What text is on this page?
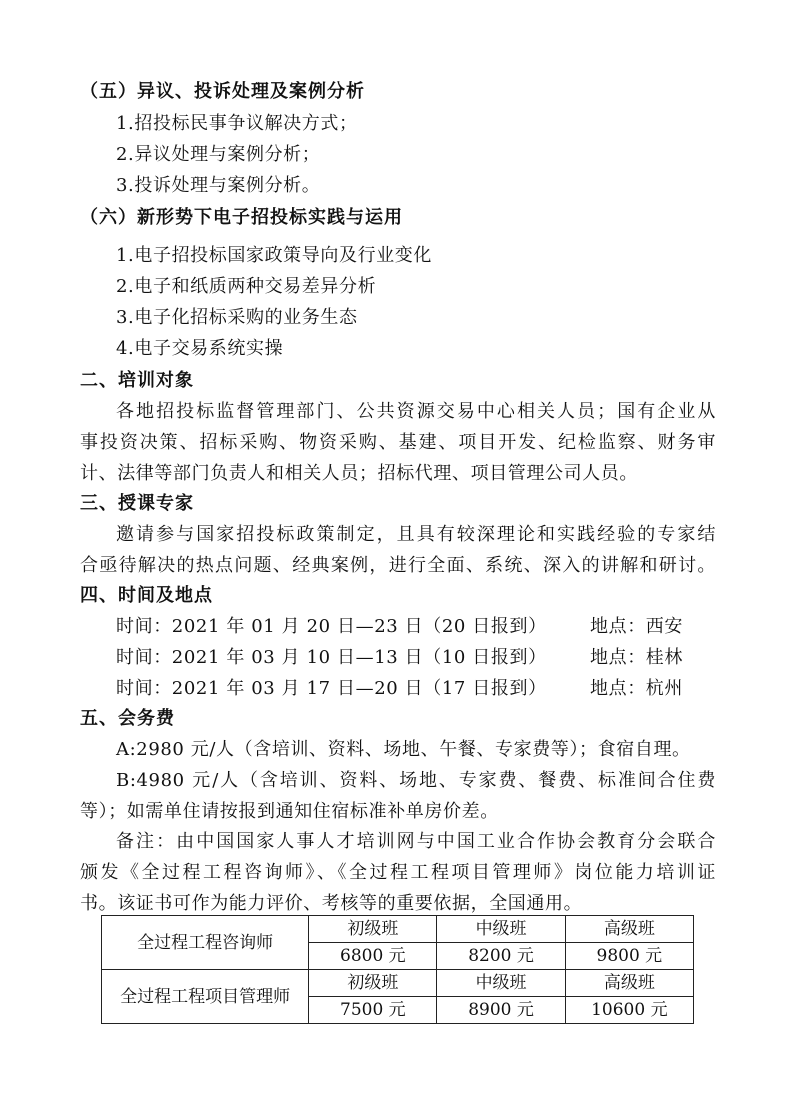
（五）异议、投诉处理及案例分析
1.招投标民事争议解决方式；
2.异议处理与案例分析；
3.投诉处理与案例分析。
（六）新形势下电子招投标实践与运用
1.电子招投标国家政策导向及行业变化
2.电子和纸质两种交易差异分析
3.电子化招标采购的业务生态
4.电子交易系统实操
二、培训对象
各地招投标监督管理部门、公共资源交易中心相关人员；国有企业从
事投资决策、招标采购、物资采购、基建、项目开发、纪检监察、财务审
计、法律等部门负责人和相关人员；招标代理、项目管理公司人员。
三、授课专家
邀请参与国家招投标政策制定，且具有较深理论和实践经验的专家结
合亟待解决的热点问题、经典案例，进行全面、系统、深入的讲解和研讨。
四、时间及地点
时间：2021 年 01 月 20 日—23 日（20 日报到） 地点：西安
时间：2021 年 03 月 10 日—13 日（10 日报到） 地点：桂林
时间：2021 年 03 月 17 日—20 日（17 日报到） 地点：杭州
五、会务费
A:2980 元/人（含培训、资料、场地、午餐、专家费等）；食宿自理。
B:4980 元/人（含培训、资料、场地、专家费、餐费、标准间合住费
等）；如需单住请按报到通知住宿标准补单房价差。
备注：由中国国家人事人才培训网与中国工业合作协会教育分会联合
颁发《全过程工程咨询师》、《全过程工程项目管理师》岗位能力培训证
书。该证书可作为能力评价、考核等的重要依据，全国通用。
全过程工程咨询师	初级班	中级班	高级班
	6800 元	8200 元	9800 元
全过程工程项目管理师	初级班	中级班	高级班
	7500 元	8900 元	10600 元
